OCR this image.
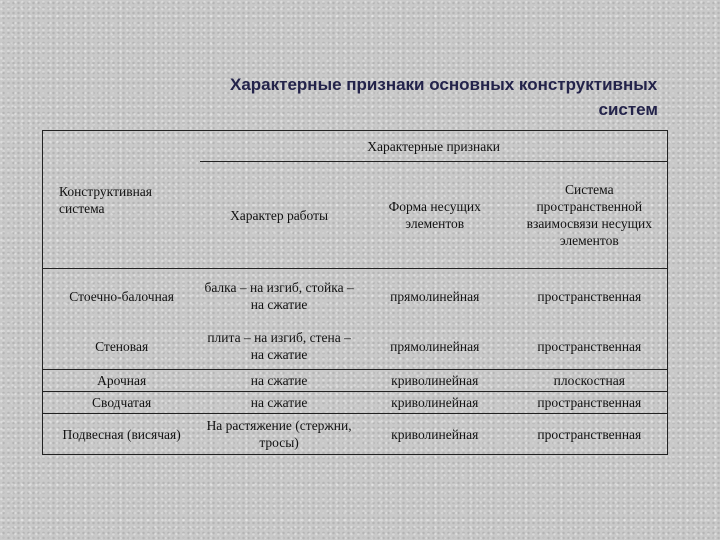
Характерные признаки основных конструктивных
систем
Конструктивная система	Характерные признаки		
	Характер работы	Форма несущих элементов	Система пространственной взаимосвязи несущих элементов
Стоечно-балочная	балка – на изгиб, стойка – на сжатие	прямолинейная	пространственная
Стеновая	плита – на изгиб, стена – на сжатие	прямолинейная	пространственная
Арочная	на сжатие	криволинейная	плоскостная
Сводчатая	на сжатие	криволинейная	пространственная
Подвесная (висячая)	На растяжение (стержни, тросы)	криволинейная	пространственная
